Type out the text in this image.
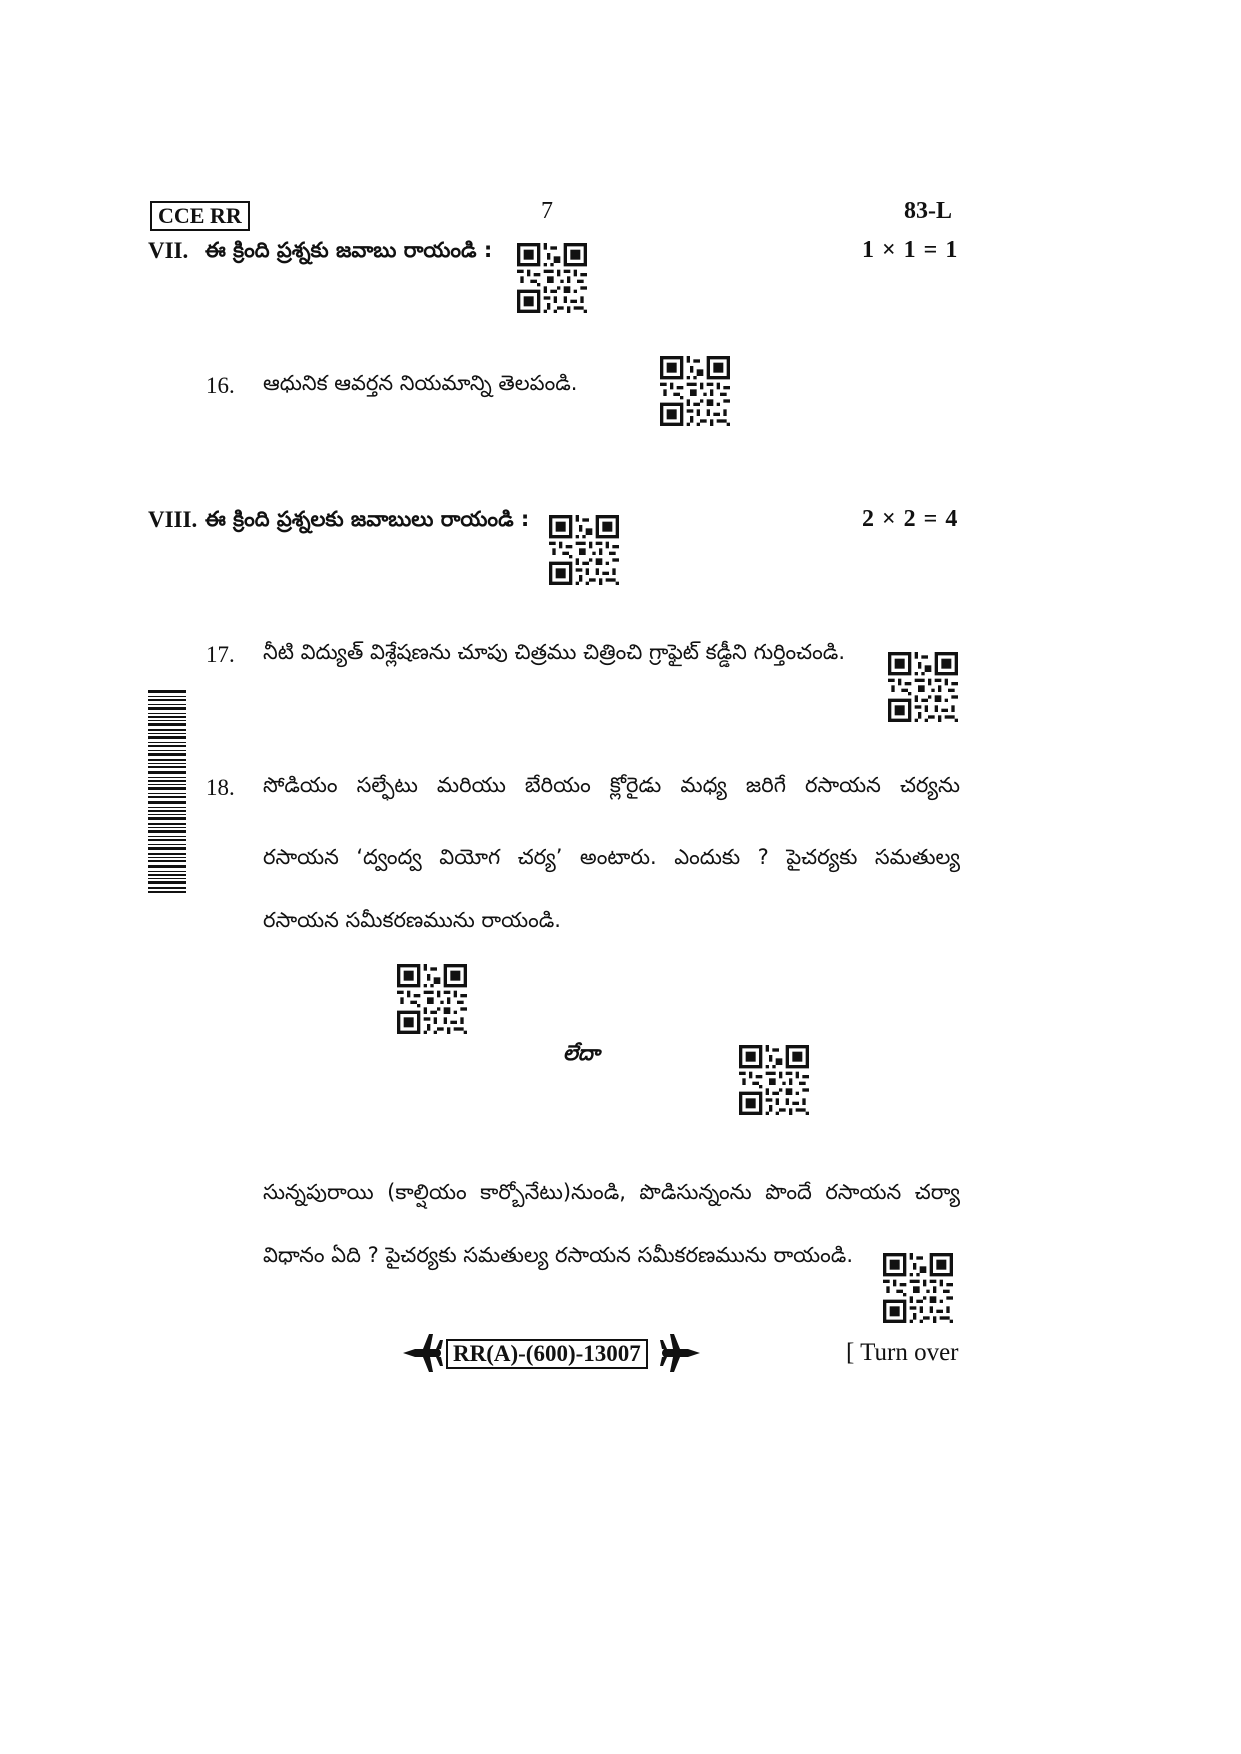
CCE RR	7	83-L
VII. ఈ క్రింది ప్రశ్నకు జవాబు రాయండి :	1 × 1 = 1
16. ఆధునిక ఆవర్తన నియమాన్ని తెలపండి.
VIII. ఈ క్రింది ప్రశ్నలకు జవాబులు రాయండి :	2 × 2 = 4
17. నీటి విద్యుత్ విశ్లేషణను చూపు చిత్రము చిత్రించి గ్రాఫైట్ కడ్డీని గుర్తించండి.
18. సోడియం సల్ఫేటు మరియు బేరియం క్లోరైడు మధ్య జరిగే రసాయన చర్యను
రసాయన ‘ద్వంద్వ వియోగ చర్య’ అంటారు. ఎందుకు ? పైచర్యకు సమతుల్య
రసాయన సమీకరణమును రాయండి.
లేదా
సున్నపురాయి (కాల్షియం కార్బోనేటు)నుండి, పొడిసున్నంను పొందే రసాయన చర్యా
విధానం ఏది ? పైచర్యకు సమతుల్య రసాయన సమీకరణమును రాయండి.
RR(A)-(600)-13007	[ Turn over
